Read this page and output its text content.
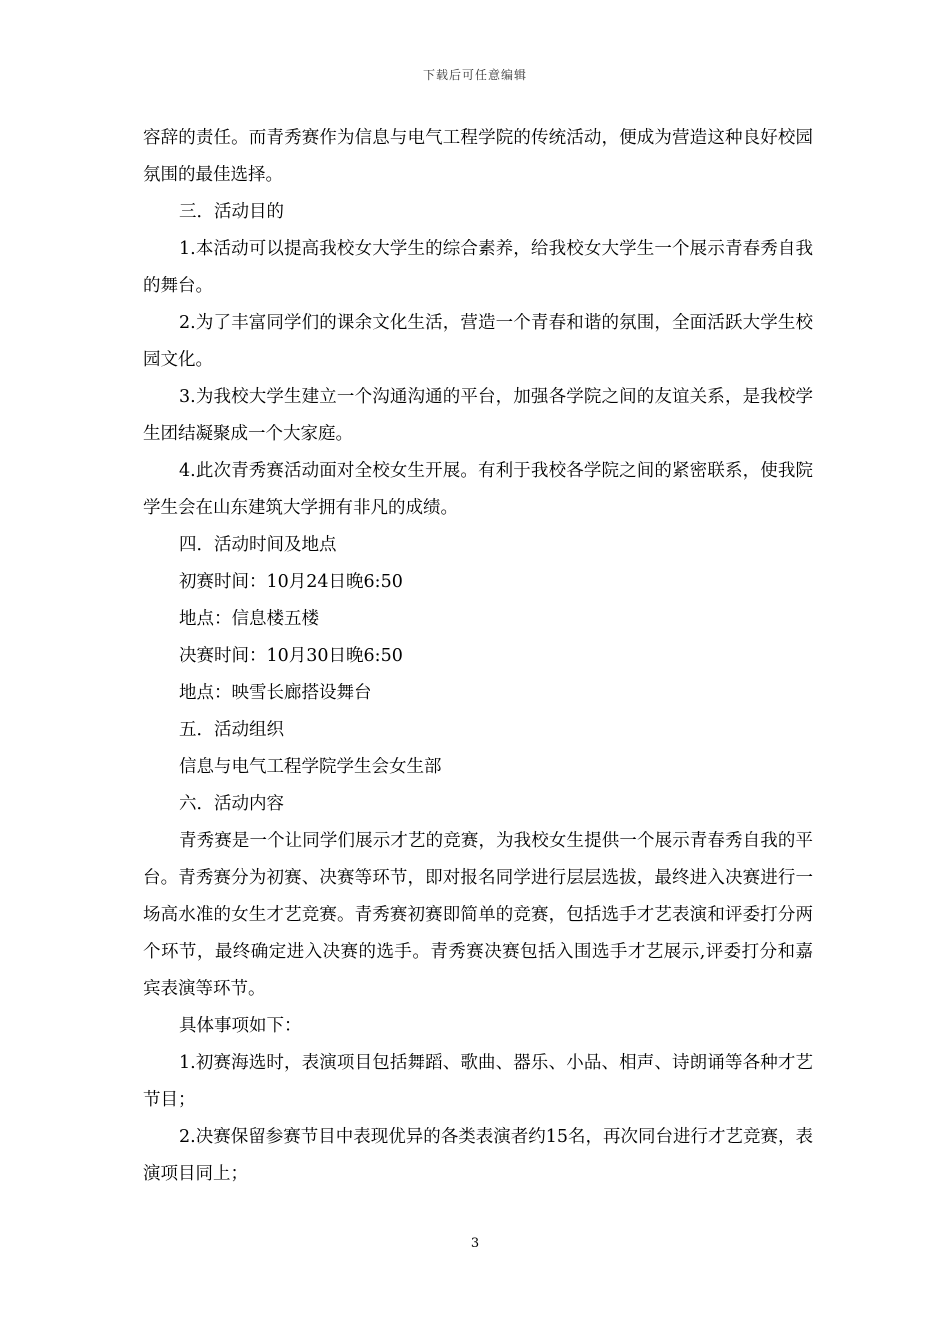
下载后可任意编辑

容辞的责任。而青秀赛作为信息与电气工程学院的传统活动，便成为营造这种良好校园氛围的最佳选择。

三．活动目的

1.本活动可以提高我校女大学生的综合素养，给我校女大学生一个展示青春秀自我的舞台。

2.为了丰富同学们的课余文化生活，营造一个青春和谐的氛围，全面活跃大学生校园文化。

3.为我校大学生建立一个沟通沟通的平台，加强各学院之间的友谊关系，是我校学生团结凝聚成一个大家庭。

4.此次青秀赛活动面对全校女生开展。有利于我校各学院之间的紧密联系，使我院学生会在山东建筑大学拥有非凡的成绩。

四．活动时间及地点

初赛时间：10月24日晚6:50

地点：信息楼五楼

决赛时间：10月30日晚6:50

地点：映雪长廊搭设舞台

五．活动组织

信息与电气工程学院学生会女生部

六．活动内容

青秀赛是一个让同学们展示才艺的竞赛，为我校女生提供一个展示青春秀自我的平台。青秀赛分为初赛、决赛等环节，即对报名同学进行层层选拔，最终进入决赛进行一场高水准的女生才艺竞赛。青秀赛初赛即简单的竞赛，包括选手才艺表演和评委打分两个环节，最终确定进入决赛的选手。青秀赛决赛包括入围选手才艺展示,评委打分和嘉宾表演等环节。

具体事项如下：

1.初赛海选时，表演项目包括舞蹈、歌曲、器乐、小品、相声、诗朗诵等各种才艺节目；

2.决赛保留参赛节目中表现优异的各类表演者约15名，再次同台进行才艺竞赛，表演项目同上；

3
